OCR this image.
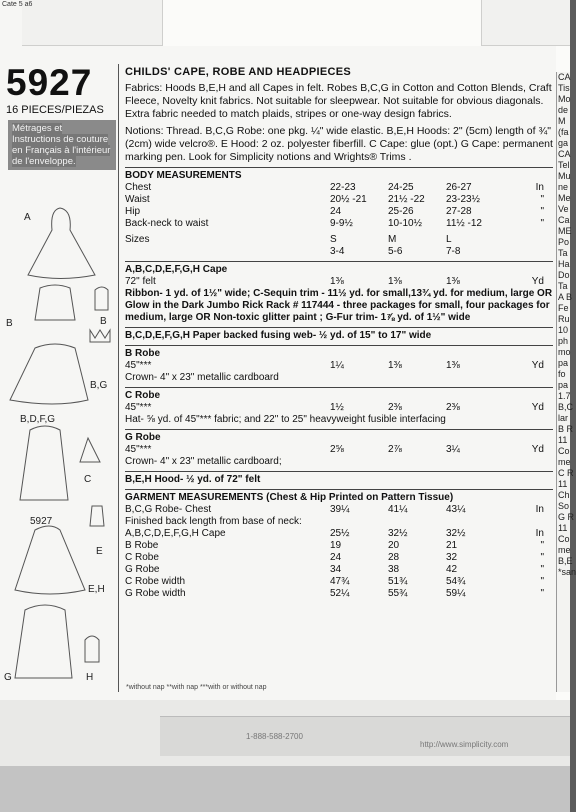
Cate 5 a6
5927
16 PIECES/PIEZAS
Métrages et Instructions de couture en Français à l'intérieur de l'enveloppe.
A
B	B
B,G
B,D,F,G
C
5927
E
E,H
G	H
CHILDS' CAPE, ROBE AND HEADPIECES
Fabrics: Hoods B,E,H and all Capes in felt. Robes B,C,G in Cotton and Cotton Blends, Craft Fleece, Novelty knit fabrics. Not suitable for sleepwear. Not suitable for obvious diagonals. Extra fabric needed to match plaids, stripes or one-way design fabrics.
Notions: Thread. B,C,G Robe: one pkg. ¼" wide elastic. B,E,H Hoods: 2" (5cm) length of ¾" (2cm) wide velcro®. E Hood: 2 oz. polyester fiberfill. C Cape: glue (opt.) G Cape: permanent marking pen. Look for Simplicity notions and Wrights® Trims .
BODY MEASUREMENTS
Chest	22-23	24-25	26-27	In
Waist	20½ -21	21½ -22	23-23½	"
Hip	24	25-26	27-28	"
Back-neck to waist	9-9½	10-10½	11½ -12	"
Sizes	S	M	L
3-4	5-6	7-8
A,B,C,D,E,F,G,H Cape
72" felt	1⅜	1⅜	1⅜	Yd
Ribbon- 1 yd. of 1½" wide; C-Sequin trim - 11½ yd. for small,13¾ yd. for medium, large OR Glow in the Dark Jumbo Rick Rack # 117444 - three packages for small, four packages for medium, large OR Non-toxic glitter paint ; G-Fur trim- 1⅞ yd. of 1½" wide
B,C,D,E,F,G,H Paper backed fusing web- ½ yd. of 15" to 17" wide
B Robe
45"***	1¼	1⅜	1⅜	Yd
Crown- 4" x 23" metallic cardboard
C Robe
45"***	1½	2⅜	2⅜	Yd
Hat- ⅝ yd. of 45"*** fabric; and 22" to 25" heavyweight fusible interfacing
G Robe
45"***	2⅝	2⅞	3¼	Yd
Crown- 4" x 23" metallic cardboard;
B,E,H Hood- ½ yd. of 72" felt
GARMENT MEASUREMENTS (Chest & Hip Printed on Pattern Tissue)
B,C,G Robe- Chest	39¼	41¼	43¼	In
Finished back length from base of neck:
A,B,C,D,E,F,G,H Cape	25½	32½	32½	In
B Robe	19	20	21	"
C Robe	24	28	32	"
G Robe	34	38	42	"
C Robe width	47¾	51¾	54¾	"
G Robe width	52¼	55¾	59¼	"
*without nap **with nap ***with or without nap
CA
Tis
Mo
de
M
(fa
ga
CA
Tel
Mu
ne
Me
Ve
Ca
ME
Po
Ta
Ha
Do
Ta
A B
Fe
Ru
10
ph
mo
pa
fo
pa
1.7
B,C
lar
B R
11
Co
me
C R
11
Ch
So
G R
11
Co
me
B,E
*san
1-888-588-2700
http://www.simplicity.com
